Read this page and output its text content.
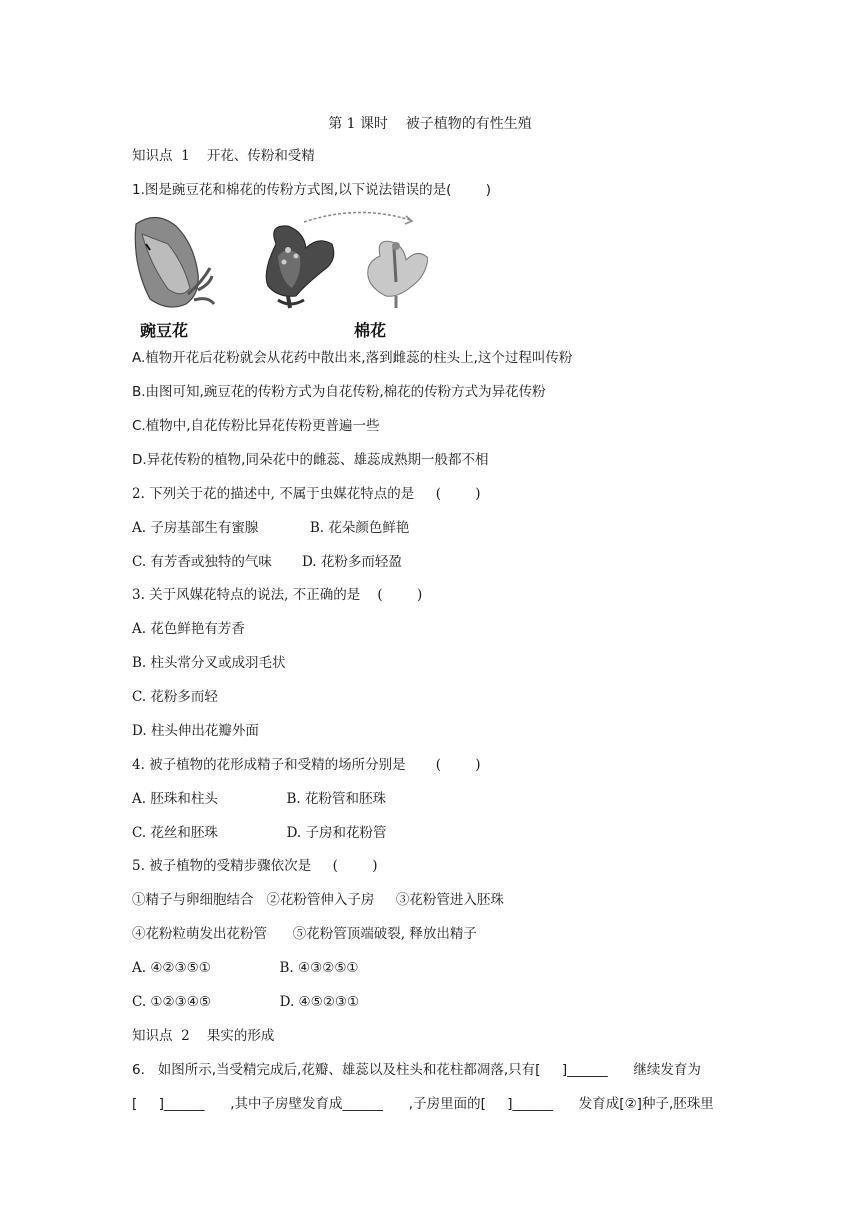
第 1 课时    被子植物的有性生殖
知识点  1    开花、传粉和受精
1.图是豌豆花和棉花的传粉方式图,以下说法错误的是(        )
豌豆花	棉花
A.植物开花后花粉就会从花药中散出来,落到雌蕊的柱头上,这个过程叫传粉
B.由图可知,豌豆花的传粉方式为自花传粉,棉花的传粉方式为异花传粉
C.植物中,自花传粉比异花传粉更普遍一些
D.异花传粉的植物,同朵花中的雌蕊、雄蕊成熟期一般都不相
2. 下列关于花的描述中, 不属于虫媒花特点的是     (        )
A. 子房基部生有蜜腺            B. 花朵颜色鲜艳
C. 有芳香或独特的气味       D. 花粉多而轻盈
3. 关于风媒花特点的说法, 不正确的是    (        )
A. 花色鲜艳有芳香
B. 柱头常分叉或成羽毛状
C. 花粉多而轻
D. 柱头伸出花瓣外面
4. 被子植物的花形成精子和受精的场所分别是       (        )
A. 胚珠和柱头                B. 花粉管和胚珠
C. 花丝和胚珠                D. 子房和花粉管
5. 被子植物的受精步骤依次是     (        )
①精子与卵细胞结合   ②花粉管伸入子房     ③花粉管进入胚珠
④花粉粒萌发出花粉管      ⑤花粉管顶端破裂, 释放出精子
A. ④②③⑤①                B. ④③②⑤①
C. ①②③④⑤                D. ④⑤②③①
知识点  2    果实的形成
6.   如图所示,当受精完成后,花瓣、雄蕊以及柱头和花柱都凋落,只有[     ]______      继续发育为
[     ]______      ,其中子房壁发育成______      ,子房里面的[     ]______      发育成[②]种子,胚珠里
